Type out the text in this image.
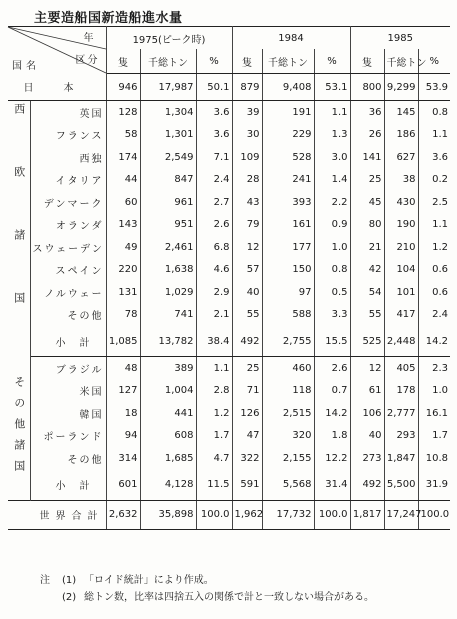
主要造船国新造船進水量
年
区分
国名		1975(ピーク時)			1984			1985		
		隻	千総トン	%	隻	千総トン	%	隻	千総トン	%
日本		946	17,987	50.1	879	9,408	53.1	800	9,299	53.9

西欧諸国	英国	128	1,304	3.6	39	191	1.1	36	145	0.8
	フランス	58	1,301	3.6	30	229	1.3	26	186	1.1
	西独	174	2,549	7.1	109	528	3.0	141	627	3.6
	イタリア	44	847	2.4	28	241	1.4	25	38	0.2
	デンマーク	60	961	2.7	43	393	2.2	45	430	2.5
	オランダ	143	951	2.6	79	161	0.9	80	190	1.1
	スウェーデン	49	2,461	6.8	12	177	1.0	21	210	1.2
	スペイン	220	1,638	4.6	57	150	0.8	42	104	0.6
	ノルウェー	131	1,029	2.9	40	97	0.5	54	101	0.6
	その他	78	741	2.1	55	588	3.3	55	417	2.4
	小計	1,085	13,782	38.4	492	2,755	15.5	525	2,448	14.2

その他諸国	ブラジル	48	389	1.1	25	460	2.6	12	405	2.3
	米国	127	1,004	2.8	71	118	0.7	61	178	1.0
	韓国	18	441	1.2	126	2,515	14.2	106	2,777	16.1
	ポーランド	94	608	1.7	47	320	1.8	40	293	1.7
	その他	314	1,685	4.7	322	2,155	12.2	273	1,847	10.8
	小計	601	4,128	11.5	591	5,568	31.4	492	5,500	31.9
世界合計		2,632	35,898	100.0	1,962	17,732	100.0	1,817	17,247	100.0
注	(1) 「ロイド統計」により作成。
(2) 総トン数，比率は四捨五入の関係で計と一致しない場合がある。
